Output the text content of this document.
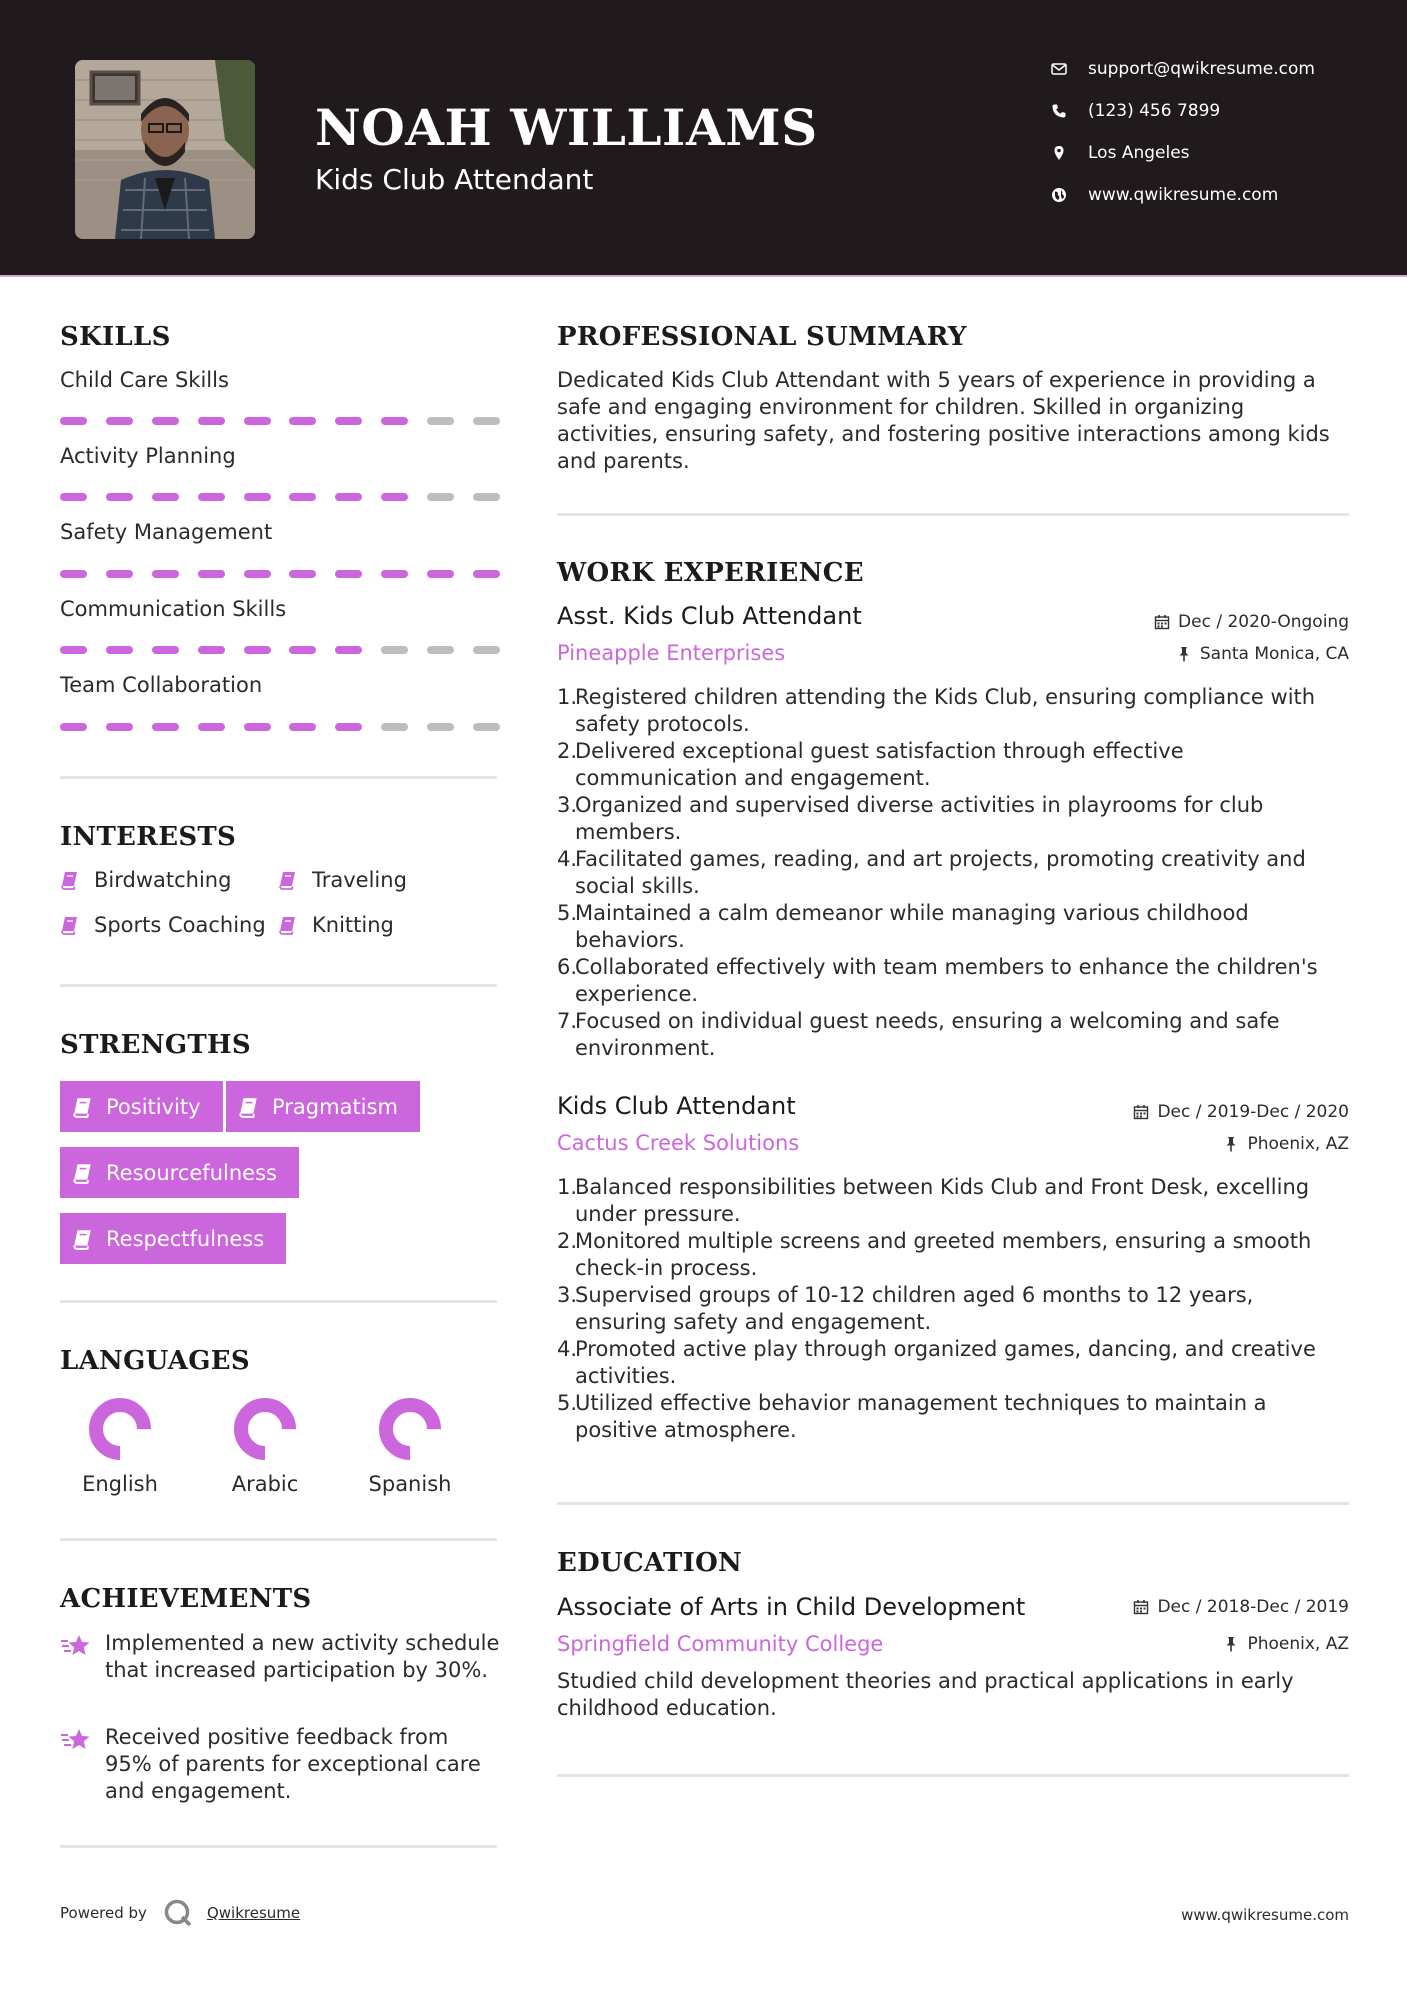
NOAH WILLIAMS
Kids Club Attendant
support@qwikresume.com
(123) 456 7899
Los Angeles
www.qwikresume.com
SKILLS
Child Care Skills
Activity Planning
Safety Management
Communication Skills
Team Collaboration
INTERESTS
Birdwatching	Traveling
Sports Coaching Knitting
STRENGTHS
Positivity	Pragmatism
Resourcefulness
Respectfulness
LANGUAGES
English	Arabic	Spanish
ACHIEVEMENTS
Implemented a new activity schedule that increased participation by 30%.
Received positive feedback from 95% of parents for exceptional care and engagement.
PROFESSIONAL SUMMARY
Dedicated Kids Club Attendant with 5 years of experience in providing a safe and engaging environment for children. Skilled in organizing activities, ensuring safety, and fostering positive interactions among kids and parents.
WORK EXPERIENCE
Asst. Kids Club Attendant	Dec / 2020-Ongoing
Pineapple Enterprises	Santa Monica, CA
1.
Registered children attending the Kids Club, ensuring compliance with safety protocols.
2.
Delivered exceptional guest satisfaction through effective communication and engagement.
3.
Organized and supervised diverse activities in playrooms for club members.
4.
Facilitated games, reading, and art projects, promoting creativity and social skills.
5.
Maintained a calm demeanor while managing various childhood behaviors.
6.
Collaborated effectively with team members to enhance the children's experience.
7.
Focused on individual guest needs, ensuring a welcoming and safe environment.
Kids Club Attendant	Dec / 2019-Dec / 2020
Cactus Creek Solutions	Phoenix, AZ
1.
Balanced responsibilities between Kids Club and Front Desk, excelling under pressure.
2.
Monitored multiple screens and greeted members, ensuring a smooth check-in process.
3.
Supervised groups of 10-12 children aged 6 months to 12 years, ensuring safety and engagement.
4.
Promoted active play through organized games, dancing, and creative activities.
5.
Utilized effective behavior management techniques to maintain a positive atmosphere.
EDUCATION
Associate of Arts in Child Development	Dec / 2018-Dec / 2019
Springfield Community College	Phoenix, AZ
Studied child development theories and practical applications in early childhood education.
Powered by	Qwikresume	www.qwikresume.com
